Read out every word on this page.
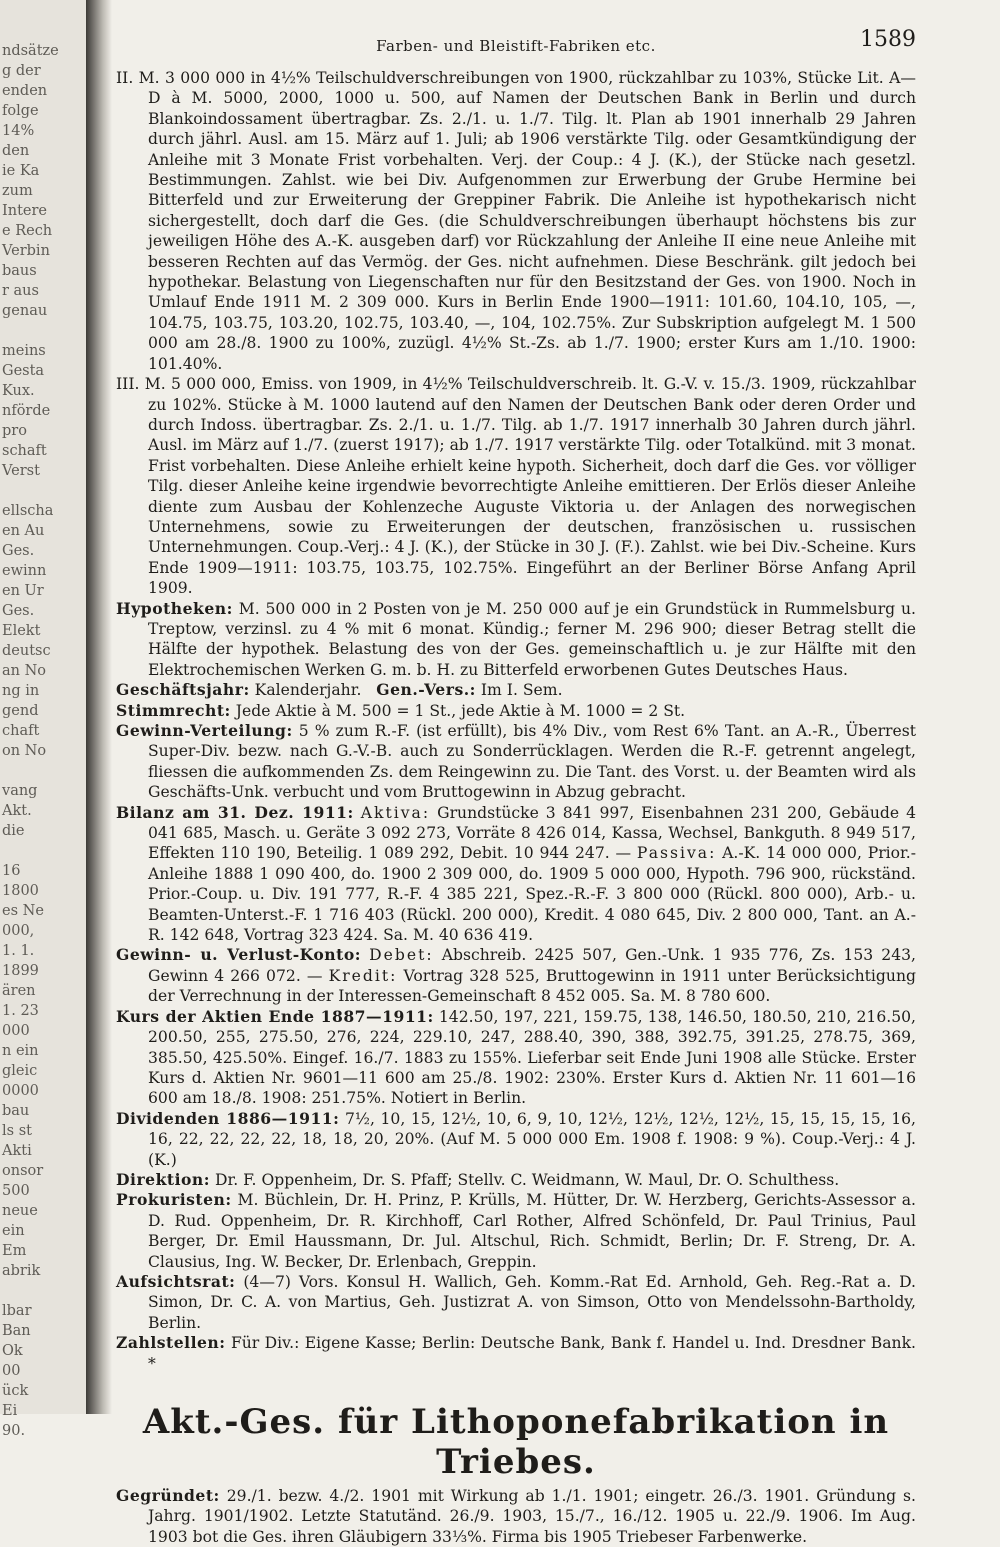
ndsätze
g der
enden
folge
14%
den
ie Ka
zum
Intere
e Rech
Verbin
baus
r aus
genau
meins
Gesta
Kux.
nförde
pro
schaft
Verst
ellscha
en Au
Ges.
ewinn
en Ur
Ges.
Elekt
deutsc
an No
ng in
gend
chaft
on No
vang
Akt.
die
16
1800
es Ne
000,
1. 1.
1899
ären
1. 23
000
n ein
gleic
0000
bau
ls st
Akti
onsor
500
neue
ein
Em
abrik
lbar
Ban
Ok
00
ück
Ei
90.
Farben- und Bleistift-Fabriken etc.	1589

II. M. 3 000 000 in 4½% Teilschuldverschreibungen von 1900, rückzahlbar zu 103%, Stücke Lit. A—D à M. 5000, 2000, 1000 u. 500, auf Namen der Deutschen Bank in Berlin und durch Blankoindossament übertragbar. Zs. 2./1. u. 1./7. Tilg. lt. Plan ab 1901 innerhalb 29 Jahren durch jährl. Ausl. am 15. März auf 1. Juli; ab 1906 verstärkte Tilg. oder Gesamtkündigung der Anleihe mit 3 Monate Frist vorbehalten. Verj. der Coup.: 4 J. (K.), der Stücke nach gesetzl. Bestimmungen. Zahlst. wie bei Div. Aufgenommen zur Erwerbung der Grube Hermine bei Bitterfeld und zur Erweiterung der Greppiner Fabrik. Die Anleihe ist hypothekarisch nicht sichergestellt, doch darf die Ges. (die Schuldverschreibungen überhaupt höchstens bis zur jeweiligen Höhe des A.-K. ausgeben darf) vor Rückzahlung der Anleihe II eine neue Anleihe mit besseren Rechten auf das Vermög. der Ges. nicht aufnehmen. Diese Beschränk. gilt jedoch bei hypothekar. Belastung von Liegenschaften nur für den Besitzstand der Ges. von 1900. Noch in Umlauf Ende 1911 M. 2 309 000. Kurs in Berlin Ende 1900—1911: 101.60, 104.10, 105, —, 104.75, 103.75, 103.20, 102.75, 103.40, —, 104, 102.75%. Zur Subskription aufgelegt M. 1 500 000 am 28./8. 1900 zu 100%, zuzügl. 4½% St.-Zs. ab 1./7. 1900; erster Kurs am 1./10. 1900: 101.40%.

III. M. 5 000 000, Emiss. von 1909, in 4½% Teilschuldverschreib. lt. G.-V. v. 15./3. 1909, rückzahlbar zu 102%. Stücke à M. 1000 lautend auf den Namen der Deutschen Bank oder deren Order und durch Indoss. übertragbar. Zs. 2./1. u. 1./7. Tilg. ab 1./7. 1917 innerhalb 30 Jahren durch jährl. Ausl. im März auf 1./7. (zuerst 1917); ab 1./7. 1917 verstärkte Tilg. oder Totalkünd. mit 3 monat. Frist vorbehalten. Diese Anleihe erhielt keine hypoth. Sicherheit, doch darf die Ges. vor völliger Tilg. dieser Anleihe keine irgendwie bevorrechtigte Anleihe emittieren. Der Erlös dieser Anleihe diente zum Ausbau der Kohlenzeche Auguste Viktoria u. der Anlagen des norwegischen Unternehmens, sowie zu Erweiterungen der deutschen, französischen u. russischen Unternehmungen. Coup.-Verj.: 4 J. (K.), der Stücke in 30 J. (F.). Zahlst. wie bei Div.-Scheine. Kurs Ende 1909—1911: 103.75, 103.75, 102.75%. Eingeführt an der Berliner Börse Anfang April 1909.

Hypotheken: M. 500 000 in 2 Posten von je M. 250 000 auf je ein Grundstück in Rummelsburg u. Treptow, verzinsl. zu 4 % mit 6 monat. Kündig.; ferner M. 296 900; dieser Betrag stellt die Hälfte der hypothek. Belastung des von der Ges. gemeinschaftlich u. je zur Hälfte mit den Elektrochemischen Werken G. m. b. H. zu Bitterfeld erworbenen Gutes Deutsches Haus.

Geschäftsjahr: Kalenderjahr. Gen.-Vers.: Im I. Sem.

Stimmrecht: Jede Aktie à M. 500 = 1 St., jede Aktie à M. 1000 = 2 St.

Gewinn-Verteilung: 5 % zum R.-F. (ist erfüllt), bis 4% Div., vom Rest 6% Tant. an A.-R., Überrest Super-Div. bezw. nach G.-V.-B. auch zu Sonderrücklagen. Werden die R.-F. getrennt angelegt, fliessen die aufkommenden Zs. dem Reingewinn zu. Die Tant. des Vorst. u. der Beamten wird als Geschäfts-Unk. verbucht und vom Bruttogewinn in Abzug gebracht.

Bilanz am 31. Dez. 1911: Aktiva: Grundstücke 3 841 997, Eisenbahnen 231 200, Gebäude 4 041 685, Masch. u. Geräte 3 092 273, Vorräte 8 426 014, Kassa, Wechsel, Bankguth. 8 949 517, Effekten 110 190, Beteilig. 1 089 292, Debit. 10 944 247. — Passiva: A.-K. 14 000 000, Prior.-Anleihe 1888 1 090 400, do. 1900 2 309 000, do. 1909 5 000 000, Hypoth. 796 900, rückständ. Prior.-Coup. u. Div. 191 777, R.-F. 4 385 221, Spez.-R.-F. 3 800 000 (Rückl. 800 000), Arb.- u. Beamten-Unterst.-F. 1 716 403 (Rückl. 200 000), Kredit. 4 080 645, Div. 2 800 000, Tant. an A.-R. 142 648, Vortrag 323 424. Sa. M. 40 636 419.

Gewinn- u. Verlust-Konto: Debet: Abschreib. 2425 507, Gen.-Unk. 1 935 776, Zs. 153 243, Gewinn 4 266 072. — Kredit: Vortrag 328 525, Bruttogewinn in 1911 unter Berücksichtigung der Verrechnung in der Interessen-Gemeinschaft 8 452 005. Sa. M. 8 780 600.

Kurs der Aktien Ende 1887—1911: 142.50, 197, 221, 159.75, 138, 146.50, 180.50, 210, 216.50, 200.50, 255, 275.50, 276, 224, 229.10, 247, 288.40, 390, 388, 392.75, 391.25, 278.75, 369, 385.50, 425.50%. Eingef. 16./7. 1883 zu 155%. Lieferbar seit Ende Juni 1908 alle Stücke. Erster Kurs d. Aktien Nr. 9601—11 600 am 25./8. 1902: 230%. Erster Kurs d. Aktien Nr. 11 601—16 600 am 18./8. 1908: 251.75%. Notiert in Berlin.

Dividenden 1886—1911: 7½, 10, 15, 12½, 10, 6, 9, 10, 12½, 12½, 12½, 12½, 15, 15, 15, 15, 16, 16, 22, 22, 22, 22, 18, 18, 20, 20%. (Auf M. 5 000 000 Em. 1908 f. 1908: 9 %). Coup.-Verj.: 4 J. (K.)

Direktion: Dr. F. Oppenheim, Dr. S. Pfaff; Stellv. C. Weidmann, W. Maul, Dr. O. Schulthess.

Prokuristen: M. Büchlein, Dr. H. Prinz, P. Krülls, M. Hütter, Dr. W. Herzberg, Gerichts-Assessor a. D. Rud. Oppenheim, Dr. R. Kirchhoff, Carl Rother, Alfred Schönfeld, Dr. Paul Trinius, Paul Berger, Dr. Emil Haussmann, Dr. Jul. Altschul, Rich. Schmidt, Berlin; Dr. F. Streng, Dr. A. Clausius, Ing. W. Becker, Dr. Erlenbach, Greppin.

Aufsichtsrat: (4—7) Vors. Konsul H. Wallich, Geh. Komm.-Rat Ed. Arnhold, Geh. Reg.-Rat a. D. Simon, Dr. C. A. von Martius, Geh. Justizrat A. von Simson, Otto von Mendelssohn-Bartholdy, Berlin.

Zahlstellen: Für Div.: Eigene Kasse; Berlin: Deutsche Bank, Bank f. Handel u. Ind. Dresdner Bank. *

Akt.-Ges. für Lithoponefabrikation in Triebes.

Gegründet: 29./1. bezw. 4./2. 1901 mit Wirkung ab 1./1. 1901; eingetr. 26./3. 1901. Gründung s. Jahrg. 1901/1902. Letzte Statutänd. 26./9. 1903, 15./7., 16./12. 1905 u. 22./9. 1906. Im Aug. 1903 bot die Ges. ihren Gläubigern 33⅓%. Firma bis 1905 Triebeser Farbenwerke.
